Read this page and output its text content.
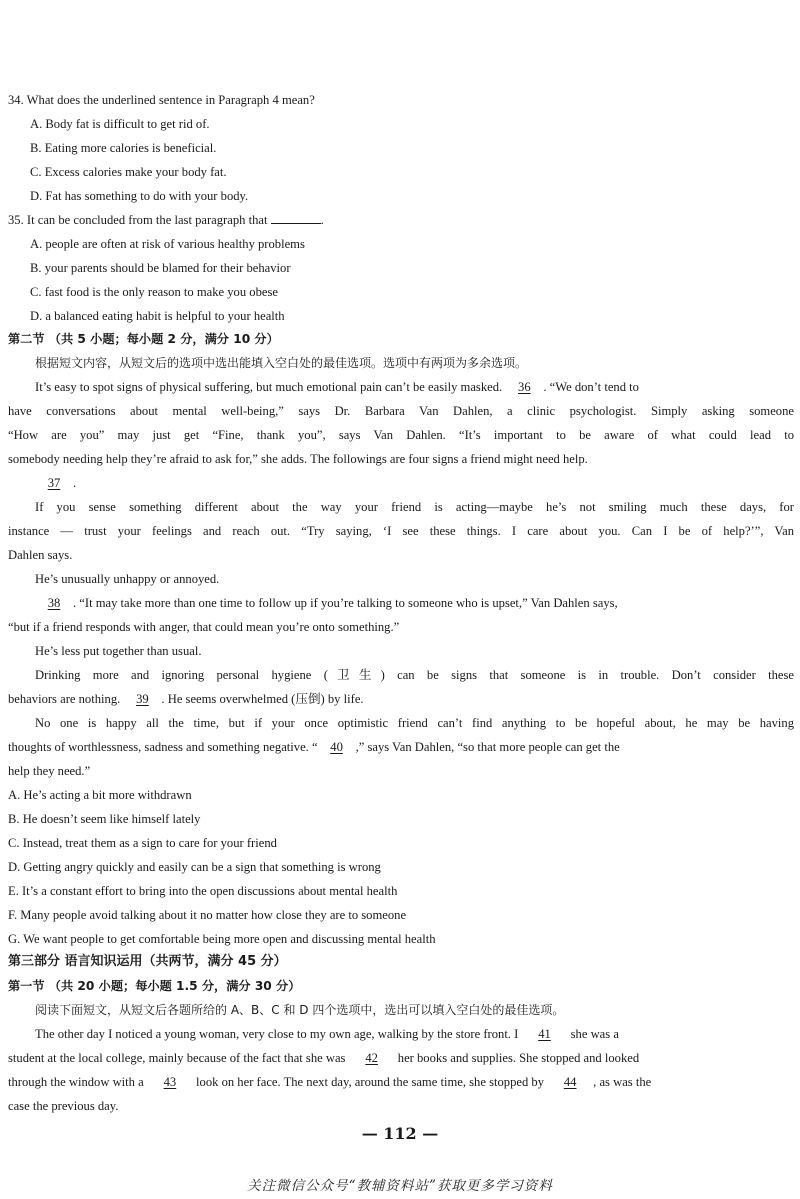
34. What does the underlined sentence in Paragraph 4 mean?
A. Body fat is difficult to get rid of.
B. Eating more calories is beneficial.
C. Excess calories make your body fat.
D. Fat has something to do with your body.
35. It can be concluded from the last paragraph that	.
A. people are often at risk of various healthy problems
B. your parents should be blamed for their behavior
C. fast food is the only reason to make you obese
D. a balanced eating habit is helpful to your health
第二节 （共 5 小题；每小题 2 分，满分 10 分）
根据短文内容，从短文后的选项中选出能填入空白处的最佳选项。选项中有两项为多余选项。
It’s easy to spot signs of physical suffering, but much emotional pain can’t be easily masked. 36 . “We don’t tend to
have conversations about mental well-being,” says Dr. Barbara Van Dahlen, a clinic psychologist. Simply asking someone
“How are you” may just get “Fine, thank you”, says Van Dahlen. “It’s important to be aware of what could lead to
somebody needing help they’re afraid to ask for,” she adds. The followings are four signs a friend might need help.
37 .
If you sense something different about the way your friend is acting—maybe he’s not smiling much these days, for
instance — trust your feelings and reach out. “Try saying, ‘I see these things. I care about you. Can I be of help?’”, Van
Dahlen says.
He’s unusually unhappy or annoyed.
38 . “It may take more than one time to follow up if you’re talking to someone who is upset,” Van Dahlen says,
“but if a friend responds with anger, that could mean you’re onto something.”
He’s less put together than usual.
Drinking more and ignoring personal hygiene (卫生) can be signs that someone is in trouble. Don’t consider these
behaviors are nothing. 39 . He seems overwhelmed (压倒) by life.
No one is happy all the time, but if your once optimistic friend can’t find anything to be hopeful about, he may be having
thoughts of worthlessness, sadness and something negative. “ 40 ,” says Van Dahlen, “so that more people can get the
help they need.”
A. He’s acting a bit more withdrawn
B. He doesn’t seem like himself lately
C. Instead, treat them as a sign to care for your friend
D. Getting angry quickly and easily can be a sign that something is wrong
E. It’s a constant effort to bring into the open discussions about mental health
F. Many people avoid talking about it no matter how close they are to someone
G. We want people to get comfortable being more open and discussing mental health
第三部分 语言知识运用（共两节，满分 45 分）
第一节 （共 20 小题；每小题 1.5 分，满分 30 分）
阅读下面短文，从短文后各题所给的 A、B、C 和 D 四个选项中，选出可以填入空白处的最佳选项。
The other day I noticed a young woman, very close to my own age, walking by the store front. I 41 she was a
student at the local college, mainly because of the fact that she was 42 her books and supplies. She stopped and looked
through the window with a 43 look on her face. The next day, around the same time, she stopped by 44 , as was the
case the previous day.
— 112 —
关注微信公众号“教辅资料站”获取更多学习资料
